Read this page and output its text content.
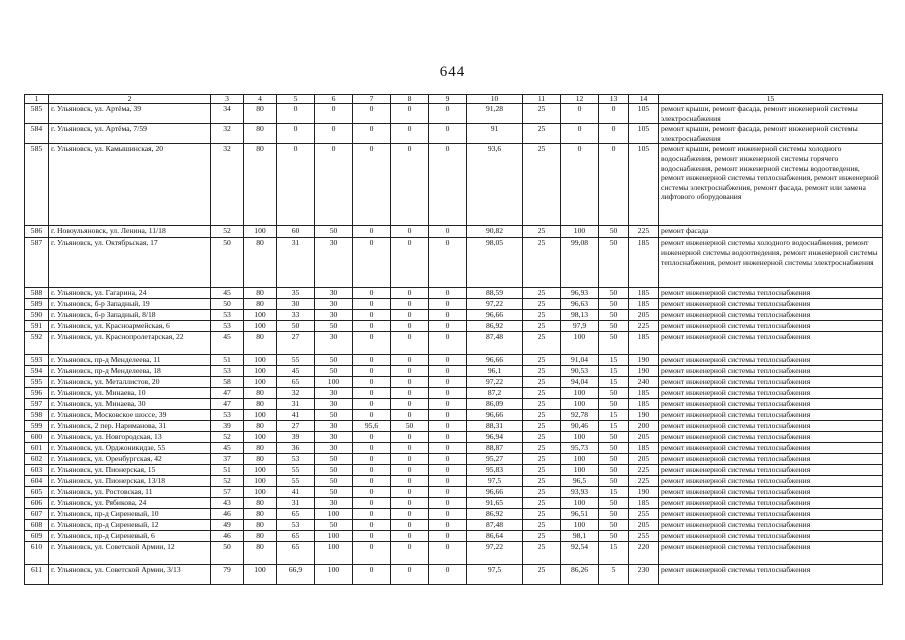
644
1	2	3	4	5	6	7	8	9	10	11	12	13	14	15
585	г. Ульяновск, ул. Артёма, 39	34	80	0	0	0	0	0	91,28	25	0	0	105	ремонт крыши, ремонт фасада, ремонт инженерной системы электроснабжения
584	г. Ульяновск, ул. Артёма, 7/59	32	80	0	0	0	0	0	91	25	0	0	105	ремонт крыши, ремонт фасада, ремонт инженерной системы электроснабжения
585	г. Ульяновск, ул. Камышинская, 20	32	80	0	0	0	0	0	93,6	25	0	0	105	ремонт крыши, ремонт инженерной системы холодного водоснабжения, ремонт инженерной системы горячего водоснабжения, ремонт инженерной системы водоотведения, ремонт инженерной системы теплоснабжения, ремонт инженерной системы электроснабжения, ремонт фасада, ремонт или замена лифтового оборудования
586	г. Новоульяновск, ул. Ленина, 11/18	52	100	60	50	0	0	0	90,82	25	100	50	225	ремонт фасада
587	г. Ульяновск, ул. Октябрьская, 17	50	80	31	30	0	0	0	98,05	25	99,08	50	185	ремонт инженерной системы холодного водоснабжения, ремонт инженерной системы водоотведения, ремонт инженерной системы теплоснабжения, ремонт инженерной системы электроснабжения
588	г. Ульяновск, ул. Гагарина, 24	45	80	35	30	0	0	0	88,59	25	96,93	50	185	ремонт инженерной системы теплоснабжения
589	г. Ульяновск, б-р Западный, 19	50	80	30	30	0	0	0	97,22	25	96,63	50	185	ремонт инженерной системы теплоснабжения
590	г. Ульяновск, б-р Западный, 8/18	53	100	33	30	0	0	0	96,66	25	98,13	50	205	ремонт инженерной системы теплоснабжения
591	г. Ульяновск, ул. Красноармейская, 6	53	100	50	50	0	0	0	86,92	25	97,9	50	225	ремонт инженерной системы теплоснабжения
592	г. Ульяновск, ул. Краснопролетарская, 22	45	80	27	30	0	0	0	87,48	25	100	50	185	ремонт инженерной системы теплоснабжения
593	г. Ульяновск, пр-д Менделеева, 11	51	100	55	50	0	0	0	96,66	25	91,04	15	190	ремонт инженерной системы теплоснабжения
594	г. Ульяновск, пр-д Менделеева, 18	53	100	45	50	0	0	0	96,1	25	90,53	15	190	ремонт инженерной системы теплоснабжения
595	г. Ульяновск, ул. Металлистов, 20	58	100	65	100	0	0	0	97,22	25	94,04	15	240	ремонт инженерной системы теплоснабжения
596	г. Ульяновск, ул. Минаева, 10	47	80	32	30	0	0	0	87,2	25	100	50	185	ремонт инженерной системы теплоснабжения
597	г. Ульяновск, ул. Минаева, 30	47	80	31	30	0	0	0	86,09	25	100	50	185	ремонт инженерной системы теплоснабжения
598	г. Ульяновск, Московское шоссе, 39	53	100	41	50	0	0	0	96,66	25	92,78	15	190	ремонт инженерной системы теплоснабжения
599	г. Ульяновск, 2 пер. Нариманова, 31	39	80	27	30	95,6	50	0	88,31	25	90,46	15	200	ремонт инженерной системы теплоснабжения
600	г. Ульяновск, ул. Новгородская, 13	52	100	39	30	0	0	0	96,94	25	100	50	205	ремонт инженерной системы теплоснабжения
601	г. Ульяновск, ул. Орджоникидзе, 55	45	80	36	30	0	0	0	88,87	25	95,73	50	185	ремонт инженерной системы теплоснабжения
602	г. Ульяновск, ул. Оренбургская, 42	37	80	53	50	0	0	0	95,27	25	100	50	205	ремонт инженерной системы теплоснабжения
603	г. Ульяновск, ул. Пионерская, 15	51	100	55	50	0	0	0	95,83	25	100	50	225	ремонт инженерной системы теплоснабжения
604	г. Ульяновск, ул. Пионерская, 13/18	52	100	55	50	0	0	0	97,5	25	96,5	50	225	ремонт инженерной системы теплоснабжения
605	г. Ульяновск, ул. Ростовская, 11	57	100	41	50	0	0	0	96,66	25	93,93	15	190	ремонт инженерной системы теплоснабжения
606	г. Ульяновск, ул. Рябикова, 24	43	80	31	30	0	0	0	91,65	25	100	50	185	ремонт инженерной системы теплоснабжения
607	г. Ульяновск, пр-д Сиреневый, 10	46	80	65	100	0	0	0	86,92	25	96,51	50	255	ремонт инженерной системы теплоснабжения
608	г. Ульяновск, пр-д Сиреневый, 12	49	80	53	50	0	0	0	87,48	25	100	50	205	ремонт инженерной системы теплоснабжения
609	г. Ульяновск, пр-д Сиреневый, 6	46	80	65	100	0	0	0	86,64	25	98,1	50	255	ремонт инженерной системы теплоснабжения
610	г. Ульяновск, ул. Советской Армии, 12	50	80	65	100	0	0	0	97,22	25	92,54	15	220	ремонт инженерной системы теплоснабжения
611	г. Ульяновск, ул. Советской Армии, 3/13	79	100	66,9	100	0	0	0	97,5	25	86,26	5	230	ремонт инженерной системы теплоснабжения
